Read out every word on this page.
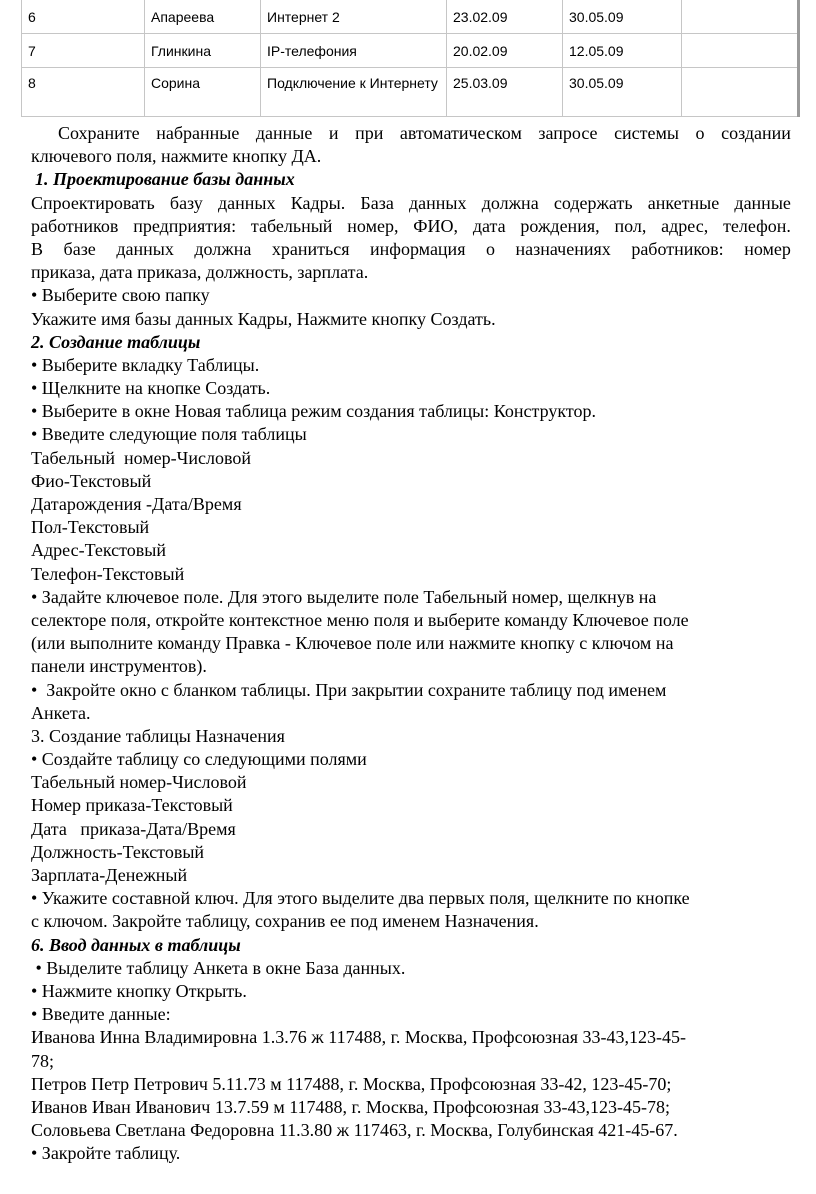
6	Апареева	Интернет 2	23.02.09	30.05.09	
7	Глинкина	IP-телефония	20.02.09	12.05.09	
8	Сорина	Подключение к Интернету	25.03.09	30.05.09	
Сохраните набранные данные и при автоматическом запросе системы о создании
ключевого поля, нажмите кнопку ДА.
1. Проектирование базы данных
Спроектировать базу данных Кадры. База данных должна содержать анкетные данные
работников предприятия: табельный номер, ФИО, дата рождения, пол, адрес, телефон.
В базе данных должна храниться информация о назначениях работников: номер
приказа, дата приказа, должность, зарплата.
• Выберите свою папку
Укажите имя базы данных Кадры, Нажмите кнопку Создать.
2. Создание таблицы
• Выберите вкладку Таблицы.
• Щелкните на кнопке Создать.
• Выберите в окне Новая таблица режим создания таблицы: Конструктор.
• Введите следующие поля таблицы
Табельный  номер-Числовой
Фио-Текстовый
Датарождения -Дата/Время
Пол-Текстовый
Адрес-Текстовый
Телефон-Текстовый
• Задайте ключевое поле. Для этого выделите поле Табельный номер, щелкнув на
селекторе поля, откройте контекстное меню поля и выберите команду Ключевое поле
(или выполните команду Правка - Ключевое поле или нажмите кнопку с ключом на
панели инструментов).
•  Закройте окно с бланком таблицы. При закрытии сохраните таблицу под именем
Анкета.
3. Создание таблицы Назначения
• Создайте таблицу со следующими полями
Табельный номер-Числовой
Номер приказа-Текстовый
Дата   приказа-Дата/Время
Должность-Текстовый
Зарплата-Денежный
• Укажите составной ключ. Для этого выделите два первых поля, щелкните по кнопке
с ключом. Закройте таблицу, сохранив ее под именем Назначения.
6. Ввод данных в таблицы
• Выделите таблицу Анкета в окне База данных.
• Нажмите кнопку Открыть.
• Введите данные:
Иванова Инна Владимировна 1.3.76 ж 117488, г. Москва, Профсоюзная 33-43,123-45-
78;
Петров Петр Петрович 5.11.73 м 117488, г. Москва, Профсоюзная 33-42, 123-45-70;
Иванов Иван Иванович 13.7.59 м 117488, г. Москва, Профсоюзная 33-43,123-45-78;
Соловьева Светлана Федоровна 11.3.80 ж 117463, г. Москва, Голубинская 421-45-67.
• Закройте таблицу.
